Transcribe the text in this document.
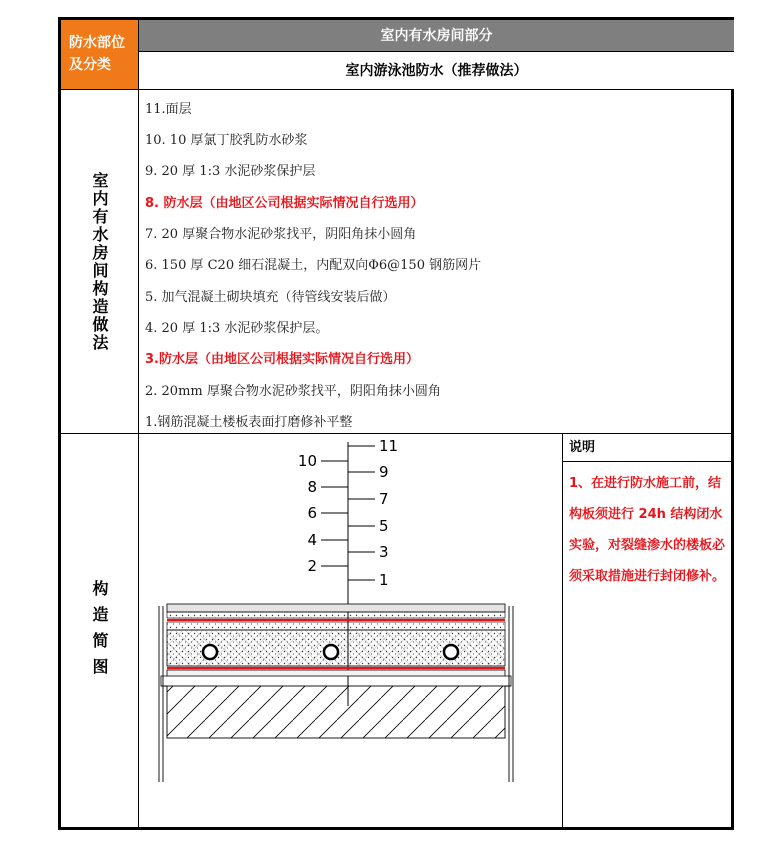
防水部位及分类
室内有水房间部分
室内游泳池防水（推荐做法）
室内有水房间构造做法
11.面层
10. 10 厚氯丁胶乳防水砂浆
9. 20 厚 1:3 水泥砂浆保护层
8. 防水层（由地区公司根据实际情况自行选用）
7. 20 厚聚合物水泥砂浆找平，阴阳角抹小圆角
6. 150 厚 C20 细石混凝土，内配双向Φ6@150 钢筋网片
5. 加气混凝土砌块填充（待管线安装后做）
4. 20 厚 1:3 水泥砂浆保护层。
3.防水层（由地区公司根据实际情况自行选用）
2. 20mm 厚聚合物水泥砂浆找平，阴阳角抹小圆角
1.钢筋混凝土楼板表面打磨修补平整
构造简图
11
9
7
5
3
1
10
8
6
4
2
说明
1、在进行防水施工前，结构板须进行 24h 结构闭水实验，对裂缝渗水的楼板必须采取措施进行封闭修补。
